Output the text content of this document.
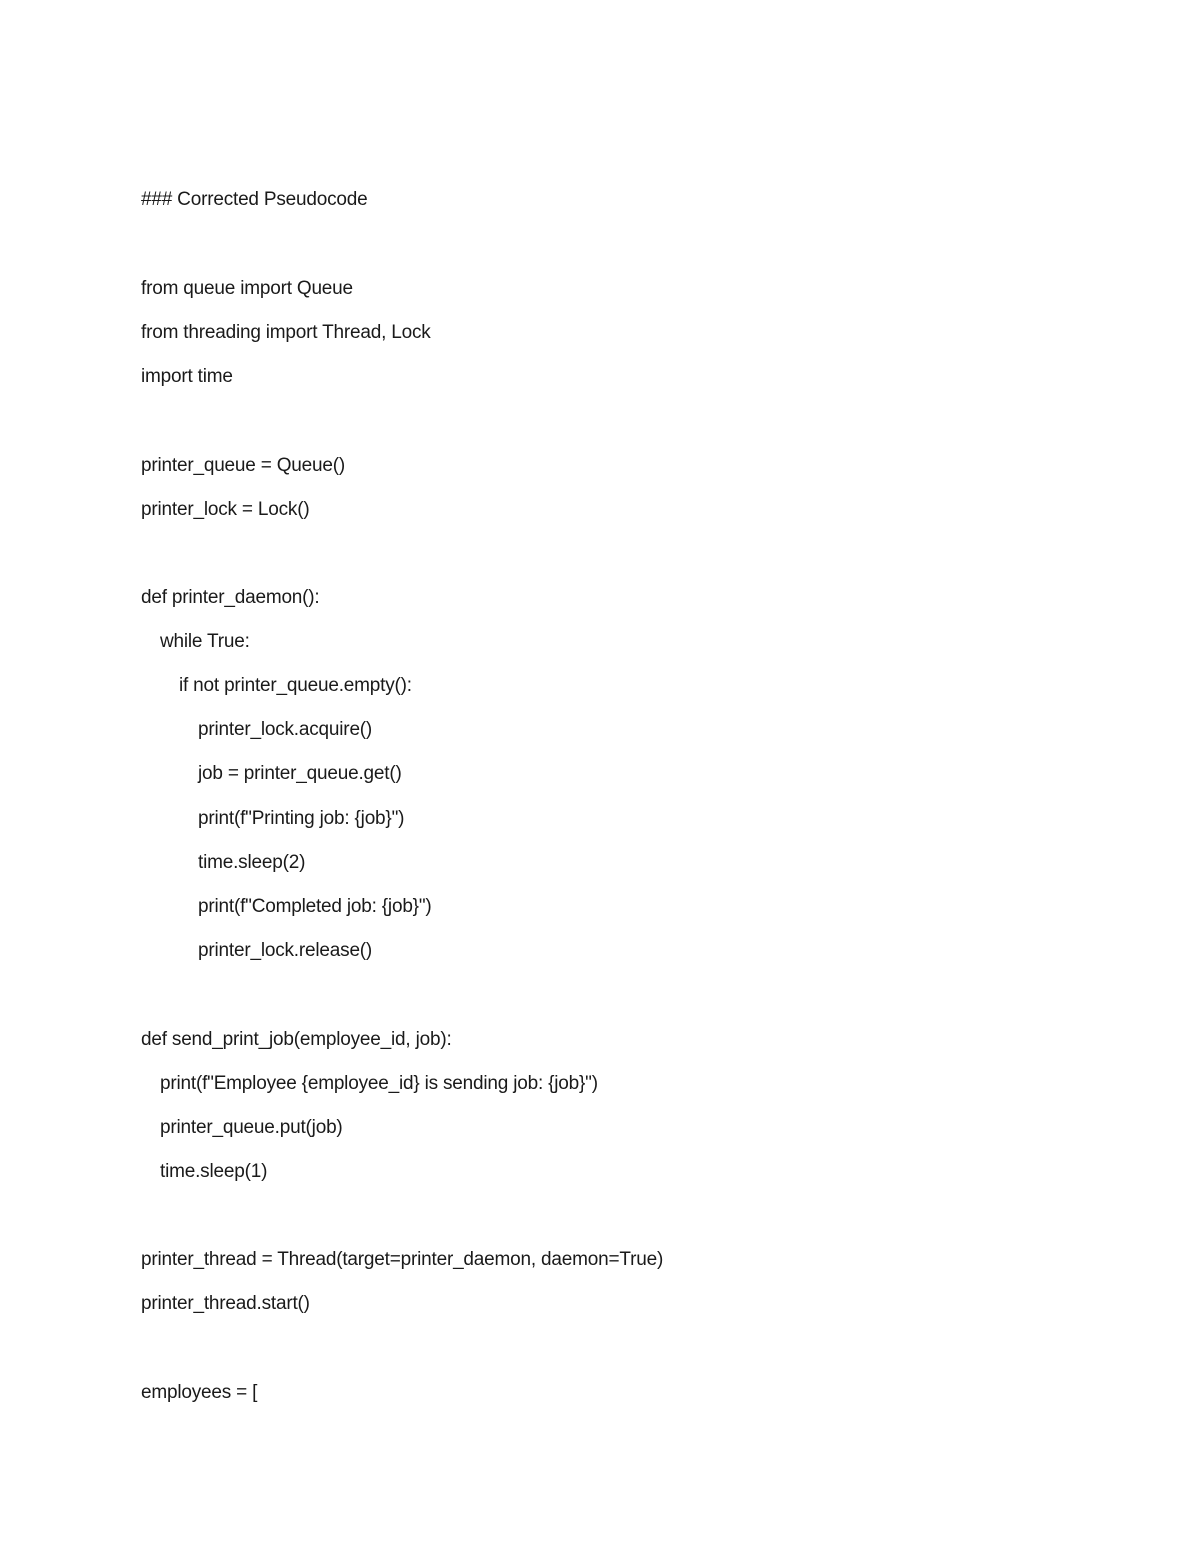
### Corrected Pseudocode
from queue import Queue
from threading import Thread, Lock
import time
printer_queue = Queue()
printer_lock = Lock()
def printer_daemon():
while True:
if not printer_queue.empty():
printer_lock.acquire()
job = printer_queue.get()
print(f"Printing job: {job}")
time.sleep(2)
print(f"Completed job: {job}")
printer_lock.release()
def send_print_job(employee_id, job):
print(f"Employee {employee_id} is sending job: {job}")
printer_queue.put(job)
time.sleep(1)
printer_thread = Thread(target=printer_daemon, daemon=True)
printer_thread.start()
employees = [
